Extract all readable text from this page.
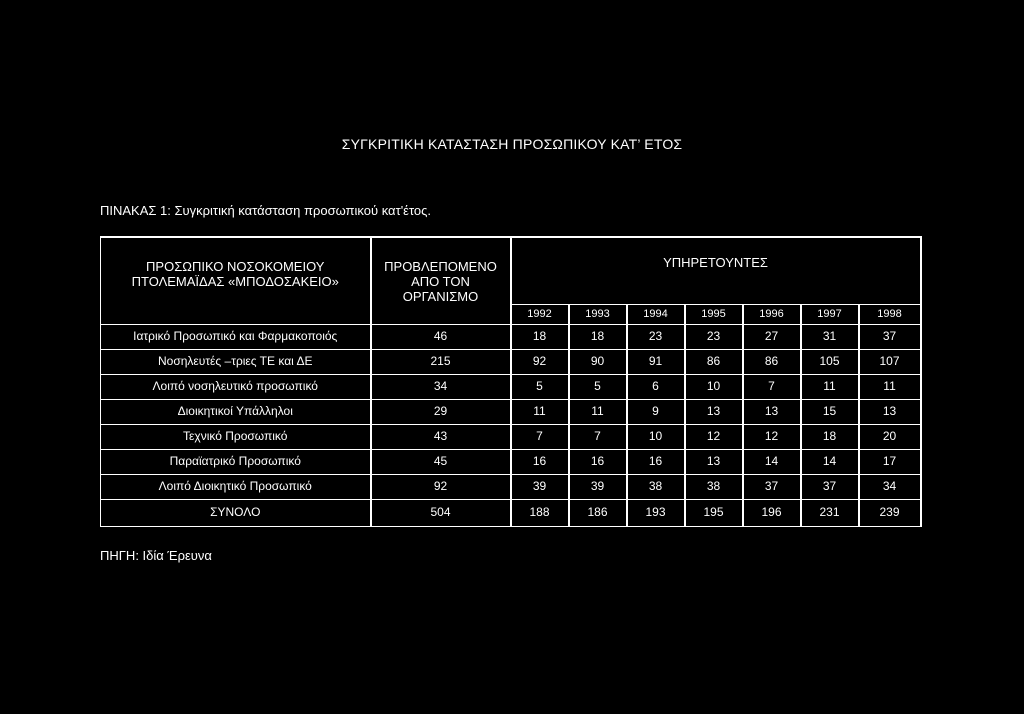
ΣΥΓΚΡΙΤΙΚΗ ΚΑΤΑΣΤΑΣΗ ΠΡΟΣΩΠΙΚΟΥ ΚΑΤ’ ΕΤΟΣ
ΠΙΝΑΚΑΣ 1: Συγκριτική κατάσταση προσωπικού κατ'έτος.
ΠΡΟΣΩΠΙΚΟ ΝΟΣΟΚΟΜΕΙΟΥ
ΠΤΟΛΕΜΑΪΔΑΣ «ΜΠΟΔΟΣΑΚΕΙΟ»	ΠΡΟΒΛΕΠΟΜΕΝΟ
ΑΠΟ ΤΟΝ
ΟΡΓΑΝΙΣΜΟ	ΥΠΗΡΕΤΟΥΝΤΕΣ						
		1992	1993	1994	1995	1996	1997	1998
Ιατρικό Προσωπικό και Φαρμακοποιός	46	18	18	23	23	27	31	37
Νοσηλευτές –τριες ΤΕ και ΔΕ	215	92	90	91	86	86	105	107
Λοιπό νοσηλευτικό προσωπικό	34	5	5	6	10	7	11	11
Διοικητικοί Υπάλληλοι	29	11	11	9	13	13	15	13
Τεχνικό Προσωπικό	43	7	7	10	12	12	18	20
Παραϊατρικό Προσωπικό	45	16	16	16	13	14	14	17
Λοιπό Διοικητικό Προσωπικό	92	39	39	38	38	37	37	34
ΣΥΝΟΛΟ	504	188	186	193	195	196	231	239
ΠΗΓΗ: Ιδία Έρευνα
